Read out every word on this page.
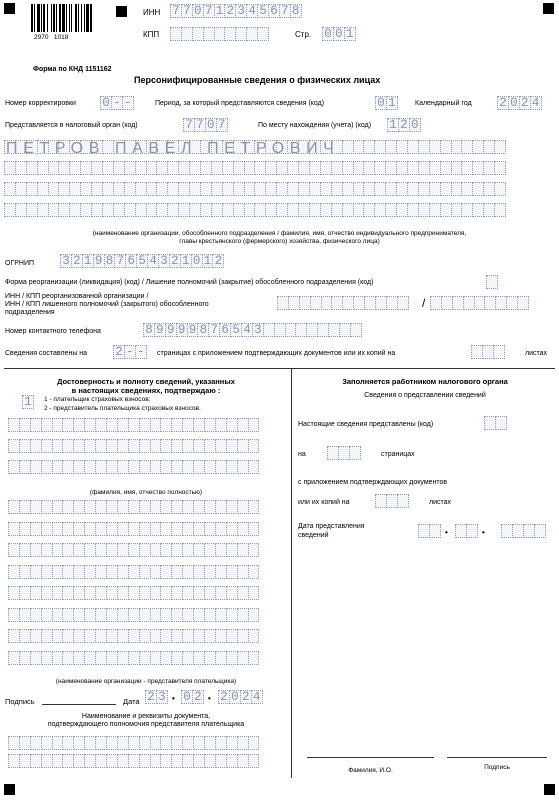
2970   1018
ИНН 7 7 0 7 1 2 3 4 5 6 7 8
КПП	Стр. 0 0 1
Форма по КНД 1151162
Персонифицированные сведения о физических лицах
Номер корректировки 0 - -	Период, за который представляются сведения (код)	0 1	Календарный год 2 0 2 4
Представляется в налоговый орган (код)	7 7 0 7	По месту нахождения (учета) (код) 1 2 0
ПЕТРОВ ПАВЕЛ ПЕТРОВИЧ
(наименование организации, обособленного подразделения / фамилия, имя, отчество индивидуального предпринимателя,
главы крестьянского (фермерского) хозяйства, физического лица)
ОГРНИП 3 2 1 9 8 7 6 5 4 3 2 1 0 1 2
Форма реорганизации (ликвидация) (код) / Лишение полномочий (закрытие) обособленного подразделения (код)
ИНН / КПП реорганизованной организации /
ИНН / КПП лишенного полномочий (закрытого) обособленного
подразделения
/
Номер контактного телефона	8 9 9 9 9 8 7 6 5 4 3
Сведения составлены на 2 - -	страницах с приложением подтверждающих документов или их копий на	листах
Достоверность и полноту сведений, указанных
в настоящих сведениях, подтверждаю :
1	1 - плательщик страховых взносов;
2 - представитель плательщика страховых взносов.
(фамилия, имя, отчество полностью)
(наименование организации - представителя плательщика)
Подпись	Дата 2 3 • 0 2 • 2 0 2 4
Наименование и реквизиты документа,
подтверждающего полномочия представителя плательщика
Заполняется работником налогового органа
Сведения о представлении сведений
Настоящие сведения представлены (код)
на	страницах
с приложением подтверждающих документов
или их копий на	листах
Дата представления
сведений	•	•
Фамилия, И.О.	Подпись
